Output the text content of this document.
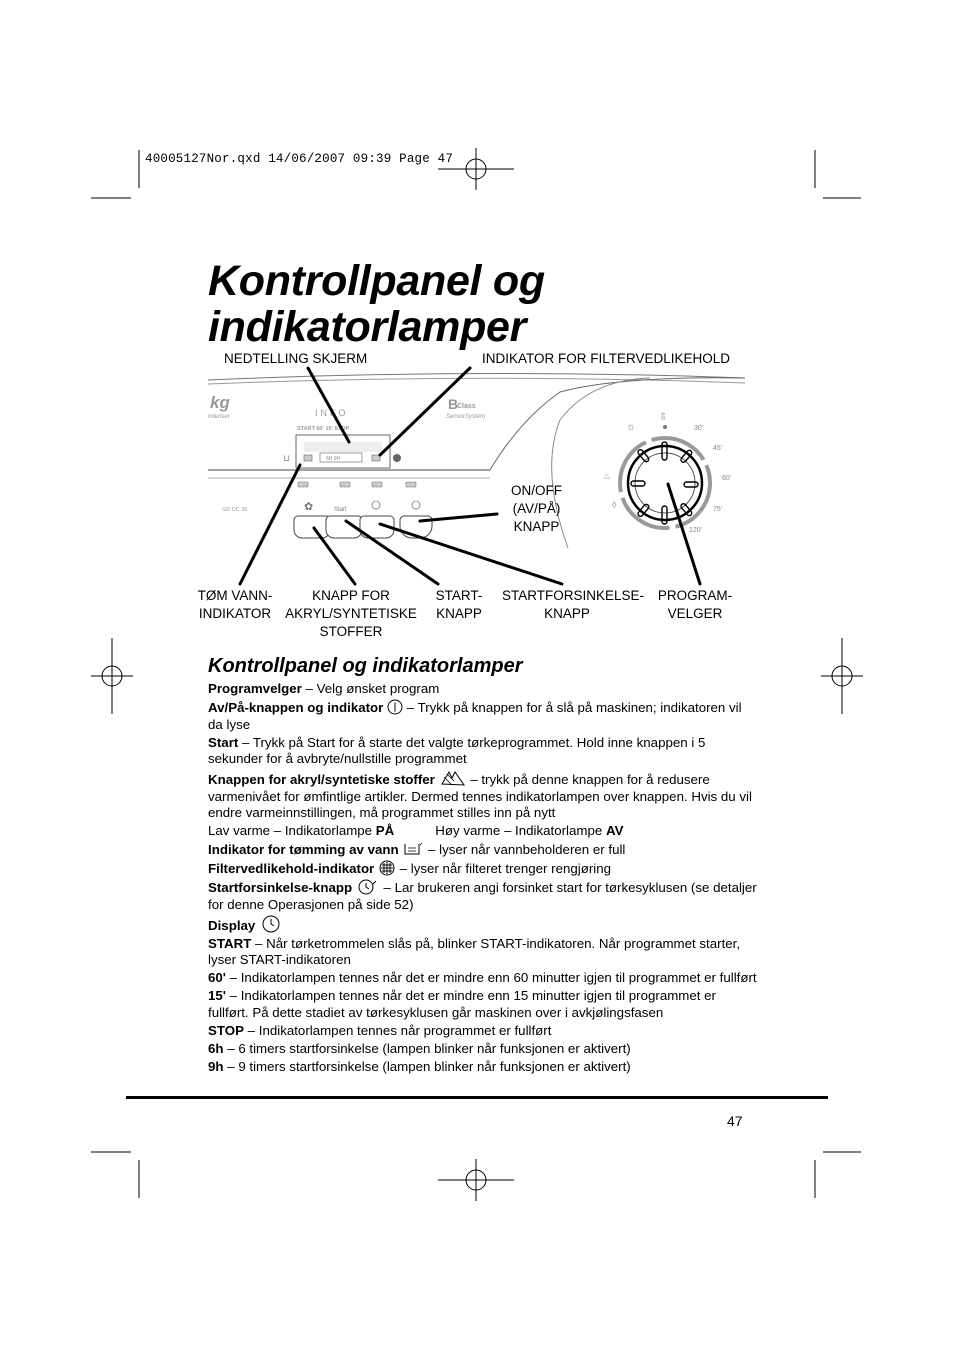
40005127Nor.qxd 14/06/2007 09:39 Page 47
Kontrollpanel og
indikatorlamper
kg
ndenser	INFO
Class
B
SensorSystem
START 60' 15' STOP
6H 9H
⊔
GD DC 36	✿	Start
AIR
30'
45'
60'
75'
120'
☼
◊
♨
NEDTELLING SKJERM	INDIKATOR FOR FILTERVEDLIKEHOLD
ON/OFF
(AV/PÅ)
KNAPP
TØM VANN-
INDIKATOR
KNAPP FOR
AKRYL/SYNTETISKE
STOFFER
START-
KNAPP
STARTFORSINKELSE-
KNAPP
PROGRAM-
VELGER
Kontrollpanel og indikatorlamper

Programvelger – Velg ønsket program

Av/På-knappen og indikator  – Trykk på knappen for å slå på maskinen; indikatoren vil da lyse

Start – Trykk på Start for å starte det valgte tørkeprogrammet. Hold inne knappen i 5 sekunder for å avbryte/nullstille programmet

Knappen for akryl/syntetiske stoffer  – trykk på denne knappen for å redusere varmenivået for ømfintlige artikler. Dermed tennes indikatorlampen over knappen. Hvis du vil endre varmeinnstillingen, må programmet stilles inn på nytt

Lav varme – Indikatorlampe PÅ	Høy varme – Indikatorlampe AV

Indikator for tømming av vann  – lyser når vannbeholderen er full

Filtervedlikehold-indikator  – lyser når filteret trenger rengjøring

Startforsinkelse-knapp  – Lar brukeren angi forsinket start for tørkesyklusen (se detaljer for denne Operasjonen på side 52)

Display

START – Når tørketrommelen slås på, blinker START-indikatoren. Når programmet starter, lyser START-indikatoren

60' – Indikatorlampen tennes når det er mindre enn 60 minutter igjen til programmet er fullført

15' – Indikatorlampen tennes når det er mindre enn 15 minutter igjen til programmet er fullført. På dette stadiet av tørkesyklusen går maskinen over i avkjølingsfasen

STOP – Indikatorlampen tennes når programmet er fullført

6h – 6 timers startforsinkelse (lampen blinker når funksjonen er aktivert)

9h – 9 timers startforsinkelse (lampen blinker når funksjonen er aktivert)

47
